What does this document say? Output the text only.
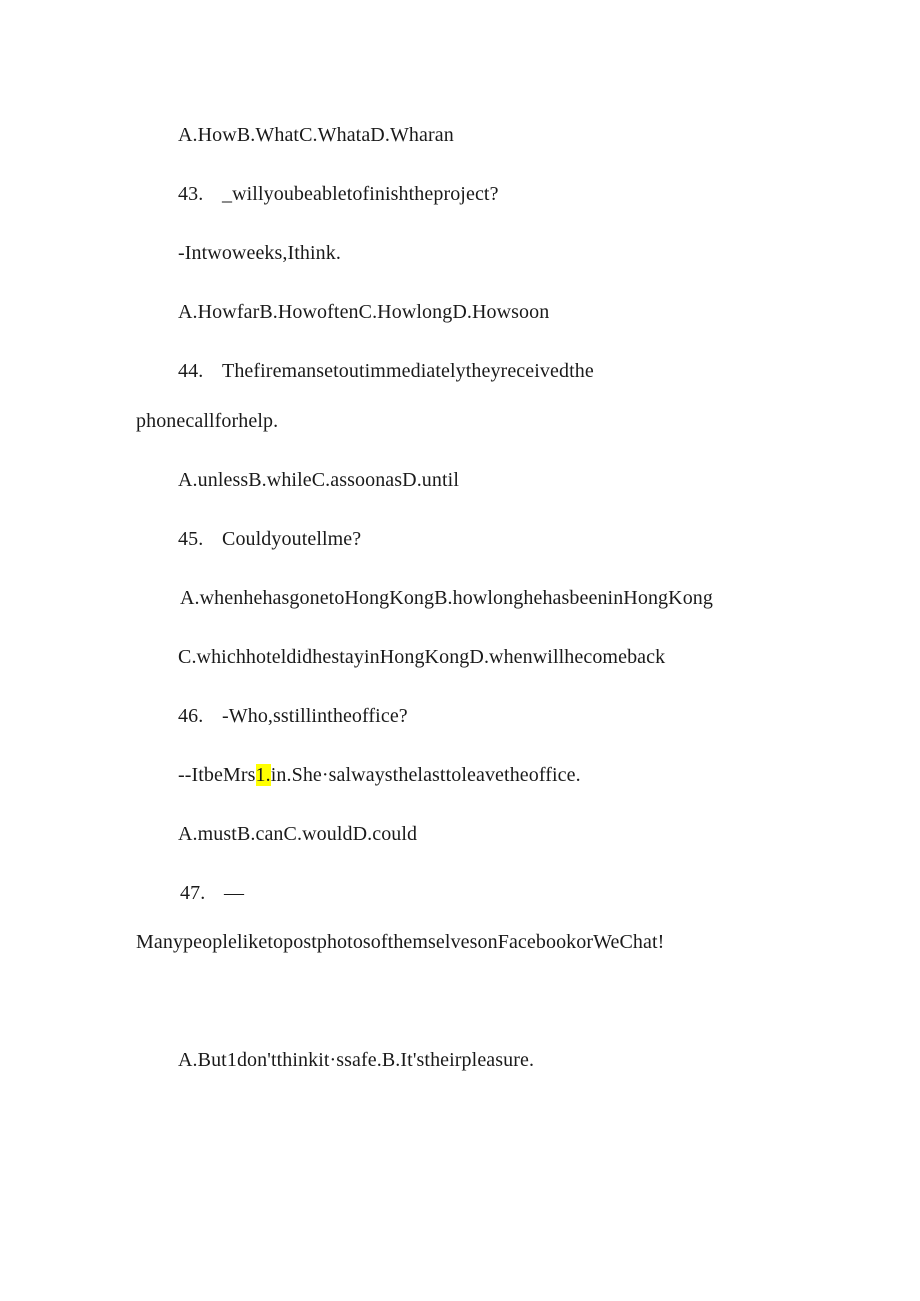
A.HowB.WhatC.WhataD.Wharan
43. _willyoubeabletofinishtheproject?
-Intwoweeks,Ithink.
A.HowfarB.HowoftenC.HowlongD.Howsoon
44. Thefiremansetoutimmediatelytheyreceivedthe
phonecallforhelp.
A.unlessB.whileC.assoonasD.until
45. Couldyoutellme?
A.whenhehasgonetoHongKongB.howlonghehasbeeninHongKong
C.whichhoteldidhestayinHongKongD.whenwillhecomeback
46. -Who,sstillintheoffice?
--ItbeMrs1.in.She·salwaysthelasttoleavetheoffice.
A.mustB.canC.wouldD.could
47. —
ManypeopleliketopostphotosofthemselvesonFacebookorWeChat!
A.But1don'tthinkit·ssafe.B.It'stheirpleasure.
